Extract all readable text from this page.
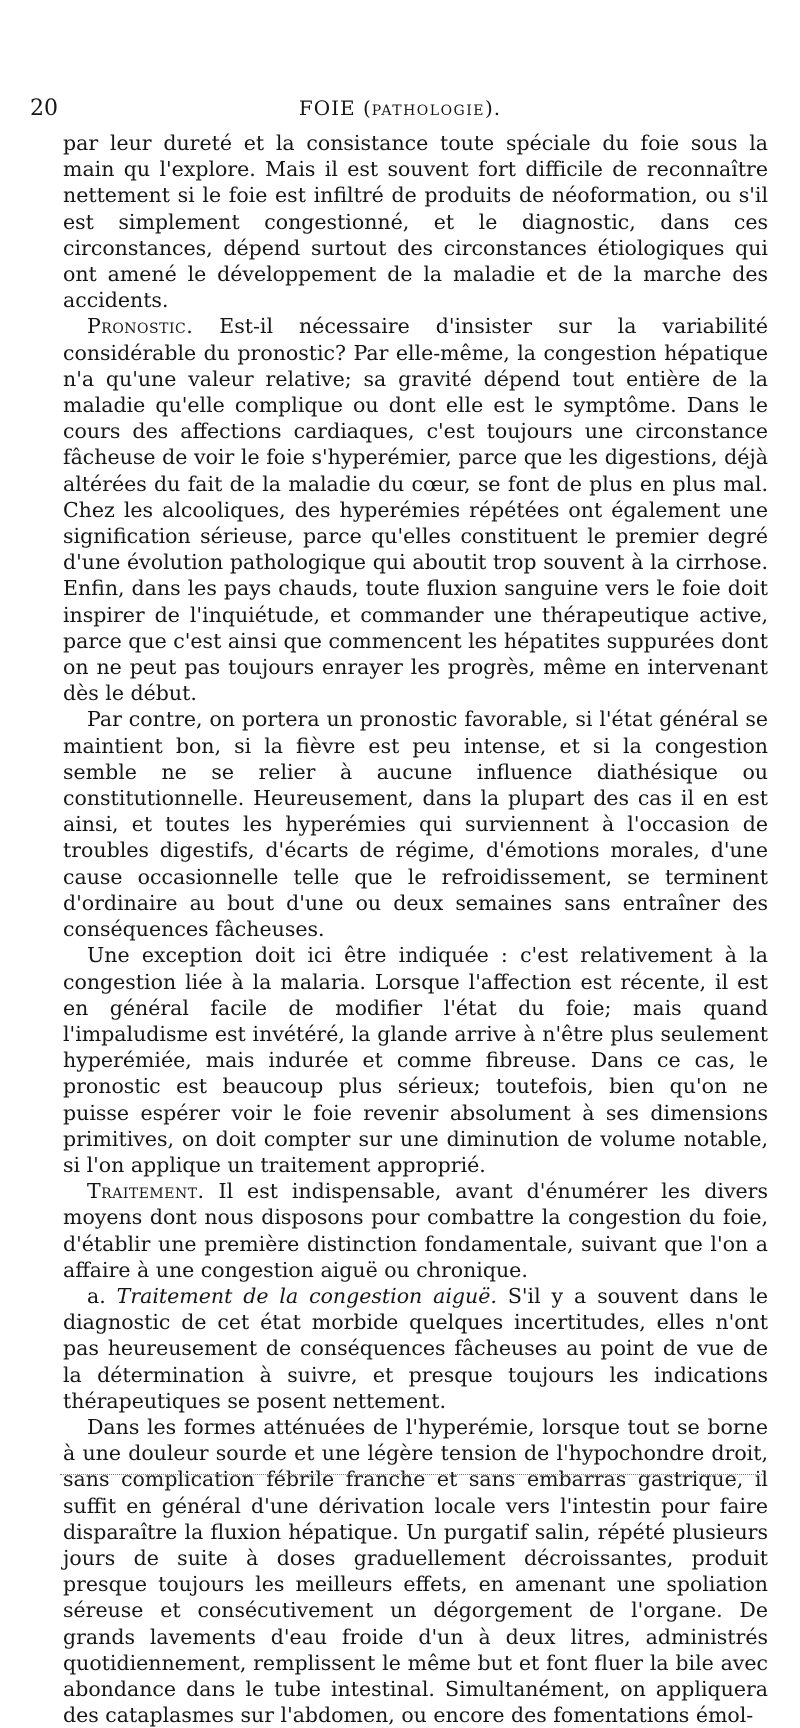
20	FOIE (PATHOLOGIE).

par leur dureté et la consistance toute spéciale du foie sous la main qu l'explore. Mais il est souvent fort difficile de reconnaître nettement si le foie est infiltré de produits de néoformation, ou s'il est simplement congestionné, et le diagnostic, dans ces circonstances, dépend surtout des circonstances étiologiques qui ont amené le développement de la maladie et de la marche des accidents.

Pronostic. Est-il nécessaire d'insister sur la variabilité considérable du pronostic? Par elle-même, la congestion hépatique n'a qu'une valeur relative; sa gravité dépend tout entière de la maladie qu'elle complique ou dont elle est le symptôme. Dans le cours des affections cardiaques, c'est toujours une circonstance fâcheuse de voir le foie s'hyperémier, parce que les digestions, déjà altérées du fait de la maladie du cœur, se font de plus en plus mal. Chez les alcooliques, des hyperémies répétées ont également une signification sérieuse, parce qu'elles constituent le premier degré d'une évolution pathologique qui aboutit trop souvent à la cirrhose. Enfin, dans les pays chauds, toute fluxion sanguine vers le foie doit inspirer de l'inquiétude, et commander une thérapeutique active, parce que c'est ainsi que commencent les hépatites suppurées dont on ne peut pas toujours enrayer les progrès, même en intervenant dès le début.

Par contre, on portera un pronostic favorable, si l'état général se maintient bon, si la fièvre est peu intense, et si la congestion semble ne se relier à aucune influence diathésique ou constitutionnelle. Heureusement, dans la plupart des cas il en est ainsi, et toutes les hyperémies qui surviennent à l'occasion de troubles digestifs, d'écarts de régime, d'émotions morales, d'une cause occasionnelle telle que le refroidissement, se terminent d'ordinaire au bout d'une ou deux semaines sans entraîner des conséquences fâcheuses.

Une exception doit ici être indiquée : c'est relativement à la congestion liée à la malaria. Lorsque l'affection est récente, il est en général facile de modifier l'état du foie; mais quand l'impaludisme est invétéré, la glande arrive à n'être plus seulement hyperémiée, mais indurée et comme fibreuse. Dans ce cas, le pronostic est beaucoup plus sérieux; toutefois, bien qu'on ne puisse espérer voir le foie revenir absolument à ses dimensions primitives, on doit compter sur une diminution de volume notable, si l'on applique un traitement approprié.

Traitement. Il est indispensable, avant d'énumérer les divers moyens dont nous disposons pour combattre la congestion du foie, d'établir une première distinction fondamentale, suivant que l'on a affaire à une congestion aiguë ou chronique.

a. Traitement de la congestion aiguë. S'il y a souvent dans le diagnostic de cet état morbide quelques incertitudes, elles n'ont pas heureusement de conséquences fâcheuses au point de vue de la détermination à suivre, et presque toujours les indications thérapeutiques se posent nettement.

Dans les formes atténuées de l'hyperémie, lorsque tout se borne à une douleur sourde et une légère tension de l'hypochondre droit, sans complication fébrile franche et sans embarras gastrique, il suffit en général d'une dérivation locale vers l'intestin pour faire disparaître la fluxion hépatique. Un purgatif salin, répété plusieurs jours de suite à doses graduellement décroissantes, produit presque toujours les meilleurs effets, en amenant une spoliation séreuse et consécutivement un dégorgement de l'organe. De grands lavements d'eau froide d'un à deux litres, administrés quotidiennement, remplissent le même but et font fluer la bile avec abondance dans le tube intestinal. Simultanément, on appliquera des cataplasmes sur l'abdomen, ou encore des fomentations émol-
